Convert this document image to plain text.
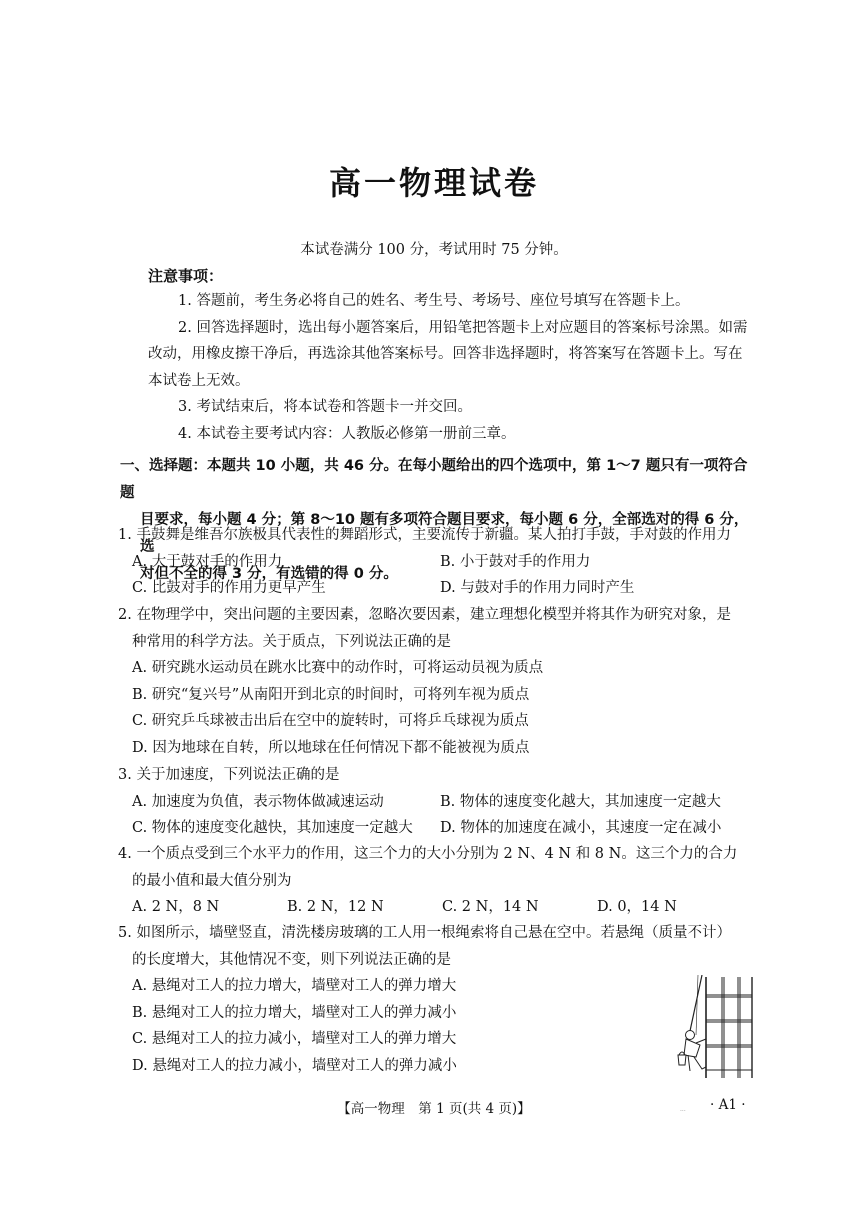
高一物理试卷
本试卷满分 100 分，考试用时 75 分钟。
注意事项：

1. 答题前，考生务必将自己的姓名、考生号、考场号、座位号填写在答题卡上。

2. 回答选择题时，选出每小题答案后，用铅笔把答题卡上对应题目的答案标号涂黑。如需改动，用橡皮擦干净后，再选涂其他答案标号。回答非选择题时，将答案写在答题卡上。写在本试卷上无效。

3. 考试结束后，将本试卷和答题卡一并交回。

4. 本试卷主要考试内容：人教版必修第一册前三章。

一、选择题：本题共 10 小题，共 46 分。在每小题给出的四个选项中，第 1～7 题只有一项符合题
目要求，每小题 4 分；第 8～10 题有多项符合题目要求，每小题 6 分，全部选对的得 6 分，选
对但不全的得 3 分，有选错的得 0 分。
1. 手鼓舞是维吾尔族极具代表性的舞蹈形式，主要流传于新疆。某人拍打手鼓，手对鼓的作用力
A. 大于鼓对手的作用力	B. 小于鼓对手的作用力
C. 比鼓对手的作用力更早产生	D. 与鼓对手的作用力同时产生
2. 在物理学中，突出问题的主要因素，忽略次要因素，建立理想化模型并将其作为研究对象，是
种常用的科学方法。关于质点，下列说法正确的是
A. 研究跳水运动员在跳水比赛中的动作时，可将运动员视为质点
B. 研究“复兴号”从南阳开到北京的时间时，可将列车视为质点
C. 研究乒乓球被击出后在空中的旋转时，可将乒乓球视为质点
D. 因为地球在自转，所以地球在任何情况下都不能被视为质点
3. 关于加速度，下列说法正确的是
A. 加速度为负值，表示物体做减速运动	B. 物体的速度变化越大，其加速度一定越大
C. 物体的速度变化越快，其加速度一定越大	D. 物体的加速度在减小，其速度一定在减小
4. 一个质点受到三个水平力的作用，这三个力的大小分别为 2 N、4 N 和 8 N。这三个力的合力
的最小值和最大值分别为
A. 2 N，8 N	B. 2 N，12 N	C. 2 N，14 N	D. 0，14 N
5. 如图所示，墙壁竖直，清洗楼房玻璃的工人用一根绳索将自己悬在空中。若悬绳（质量不计）
的长度增大，其他情况不变，则下列说法正确的是
A. 悬绳对工人的拉力增大，墙壁对工人的弹力增大
B. 悬绳对工人的拉力增大，墙壁对工人的弹力减小
C. 悬绳对工人的拉力减小，墙壁对工人的弹力增大
D. 悬绳对工人的拉力减小，墙壁对工人的弹力减小
...
【高一物理　第 1 页(共 4 页)】	· A1 ·
